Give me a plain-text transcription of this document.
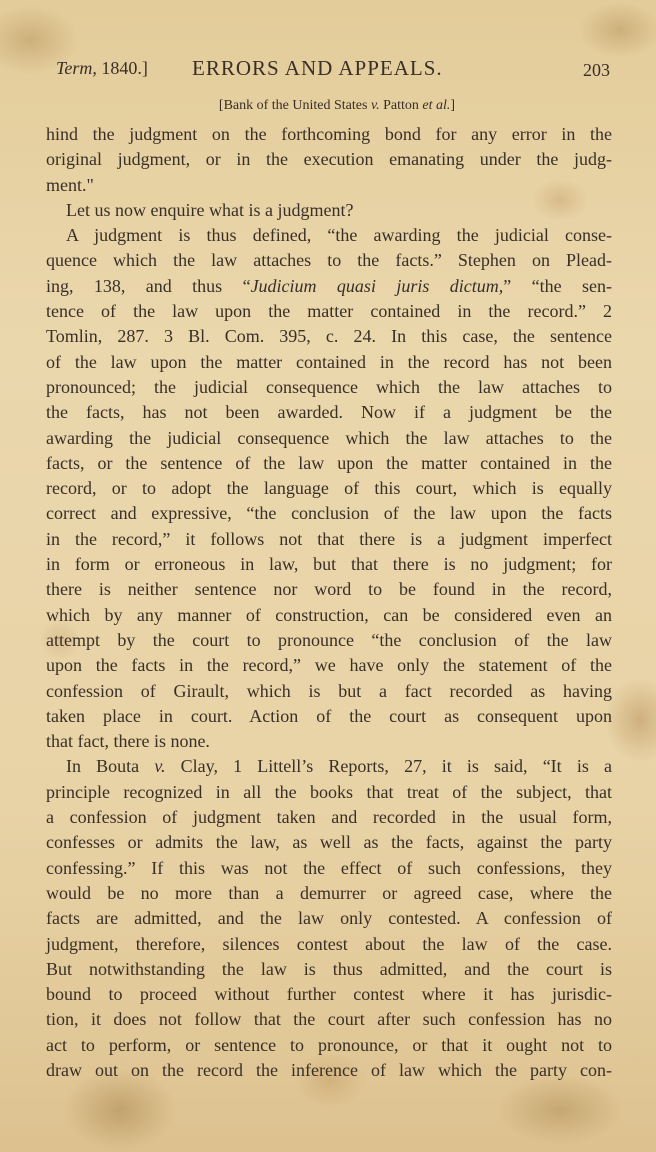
Term, 1840.] ERRORS AND APPEALS.	203
[Bank of the United States v. Patton et al.]
hind the judgment on the forthcoming bond for any error in the
original judgment, or in the execution emanating under the judg-
ment."
Let us now enquire what is a judgment?
A judgment is thus defined, “the awarding the judicial conse-
quence which the law attaches to the facts.” Stephen on Plead-
ing, 138, and thus “Judicium quasi juris dictum,” “the sen-
tence of the law upon the matter contained in the record.” 2
Tomlin, 287. 3 Bl. Com. 395, c. 24. In this case, the sentence
of the law upon the matter contained in the record has not been
pronounced; the judicial consequence which the law attaches to
the facts, has not been awarded. Now if a judgment be the
awarding the judicial consequence which the law attaches to the
facts, or the sentence of the law upon the matter contained in the
record, or to adopt the language of this court, which is equally
correct and expressive, “the conclusion of the law upon the facts
in the record,” it follows not that there is a judgment imperfect
in form or erroneous in law, but that there is no judgment; for
there is neither sentence nor word to be found in the record,
which by any manner of construction, can be considered even an
attempt by the court to pronounce “the conclusion of the law
upon the facts in the record,” we have only the statement of the
confession of Girault, which is but a fact recorded as having
taken place in court. Action of the court as consequent upon
that fact, there is none.
In Bouta v. Clay, 1 Littell’s Reports, 27, it is said, “It is a
principle recognized in all the books that treat of the subject, that
a confession of judgment taken and recorded in the usual form,
confesses or admits the law, as well as the facts, against the party
confessing.” If this was not the effect of such confessions, they
would be no more than a demurrer or agreed case, where the
facts are admitted, and the law only contested. A confession of
judgment, therefore, silences contest about the law of the case.
But notwithstanding the law is thus admitted, and the court is
bound to proceed without further contest where it has jurisdic-
tion, it does not follow that the court after such confession has no
act to perform, or sentence to pronounce, or that it ought not to
draw out on the record the inference of law which the party con-
